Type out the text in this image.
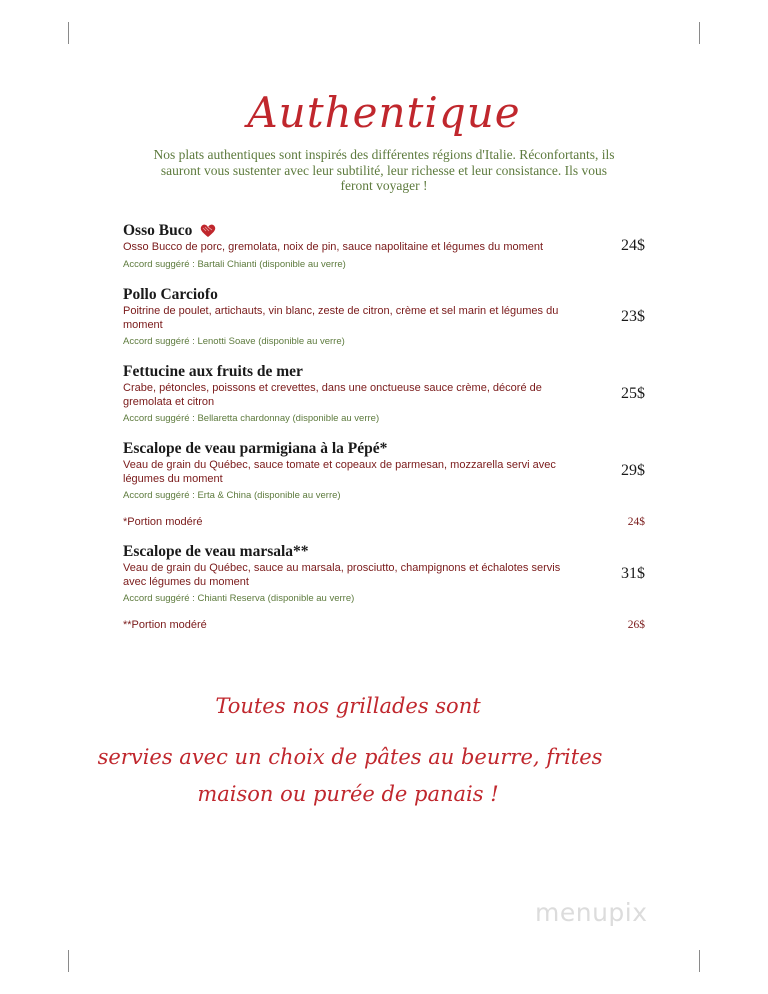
Authentique
Nos plats authentiques sont inspirés des différentes régions d'Italie. Réconfortants, ils sauront vous sustenter avec leur subtilité, leur richesse et leur consistance. Ils vous feront voyager !
Osso Buco
Osso Bucco de porc, gremolata, noix de pin, sauce napolitaine et légumes du moment
Accord suggéré : Bartali Chianti (disponible au verre)
24$
Pollo Carciofo
Poitrine de poulet, artichauts, vin blanc, zeste de citron, crème et sel marin et légumes du moment
Accord suggéré : Lenotti Soave (disponible au verre)
23$
Fettucine aux fruits de mer
Crabe, pétoncles, poissons et crevettes, dans une onctueuse sauce crème, décoré de gremolata et citron
Accord suggéré : Bellaretta chardonnay (disponible au verre)
25$
Escalope de veau parmigiana à la Pépé*
Veau de grain du Québec, sauce tomate et copeaux de parmesan, mozzarella servi avec légumes du moment
Accord suggéré : Erta & China (disponible au verre)
29$
*Portion modéré	24$
Escalope de veau marsala**
Veau de grain du Québec, sauce au marsala, prosciutto, champignons et échalotes servis avec légumes du moment
Accord suggéré : Chianti Reserva (disponible au verre)
31$
**Portion modéré	26$
Toutes nos grillades sont
servies avec un choix de pâtes au beurre, frites
maison ou purée de panais !
menupix
